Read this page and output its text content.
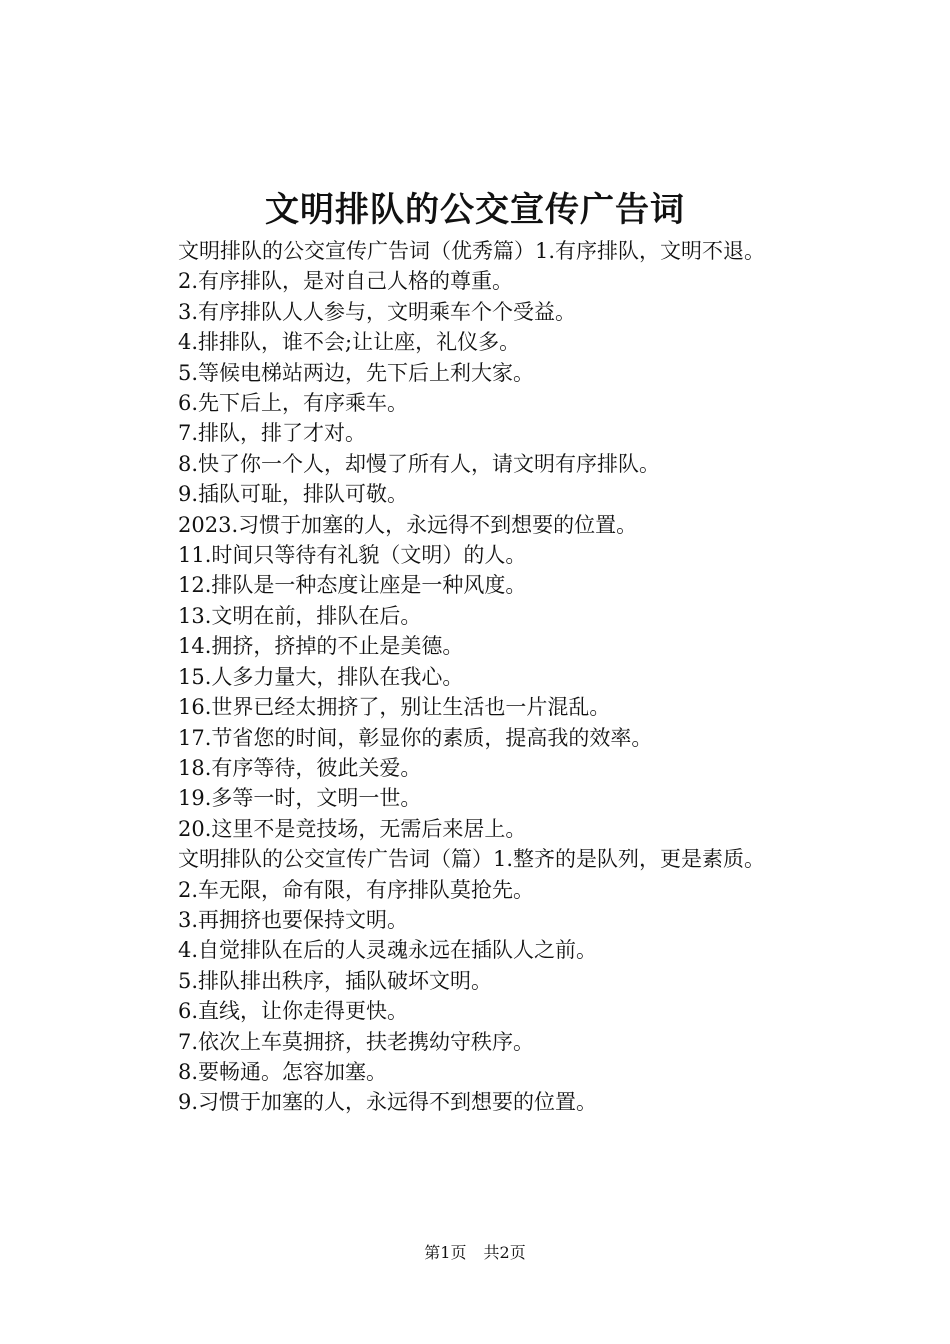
文明排队的公交宣传广告词

文明排队的公交宣传广告词（优秀篇）1.有序排队，文明不退。

2.有序排队，是对自己人格的尊重。

3.有序排队人人参与，文明乘车个个受益。

4.排排队，谁不会;让让座，礼仪多。

5.等候电梯站两边，先下后上利大家。

6.先下后上，有序乘车。

7.排队，排了才对。

8.快了你一个人，却慢了所有人，请文明有序排队。

9.插队可耻，排队可敬。

2023.习惯于加塞的人，永远得不到想要的位置。

11.时间只等待有礼貌（文明）的人。

12.排队是一种态度让座是一种风度。

13.文明在前，排队在后。

14.拥挤，挤掉的不止是美德。

15.人多力量大，排队在我心。

16.世界已经太拥挤了，别让生活也一片混乱。

17.节省您的时间，彰显你的素质，提高我的效率。

18.有序等待，彼此关爱。

19.多等一时，文明一世。

20.这里不是竞技场，无需后来居上。

文明排队的公交宣传广告词（篇）1.整齐的是队列，更是素质。

2.车无限，命有限，有序排队莫抢先。

3.再拥挤也要保持文明。

4.自觉排队在后的人灵魂永远在插队人之前。

5.排队排出秩序，插队破坏文明。

6.直线，让你走得更快。

7.依次上车莫拥挤，扶老携幼守秩序。

8.要畅通。怎容加塞。

9.习惯于加塞的人，永远得不到想要的位置。

第1页 共2页
